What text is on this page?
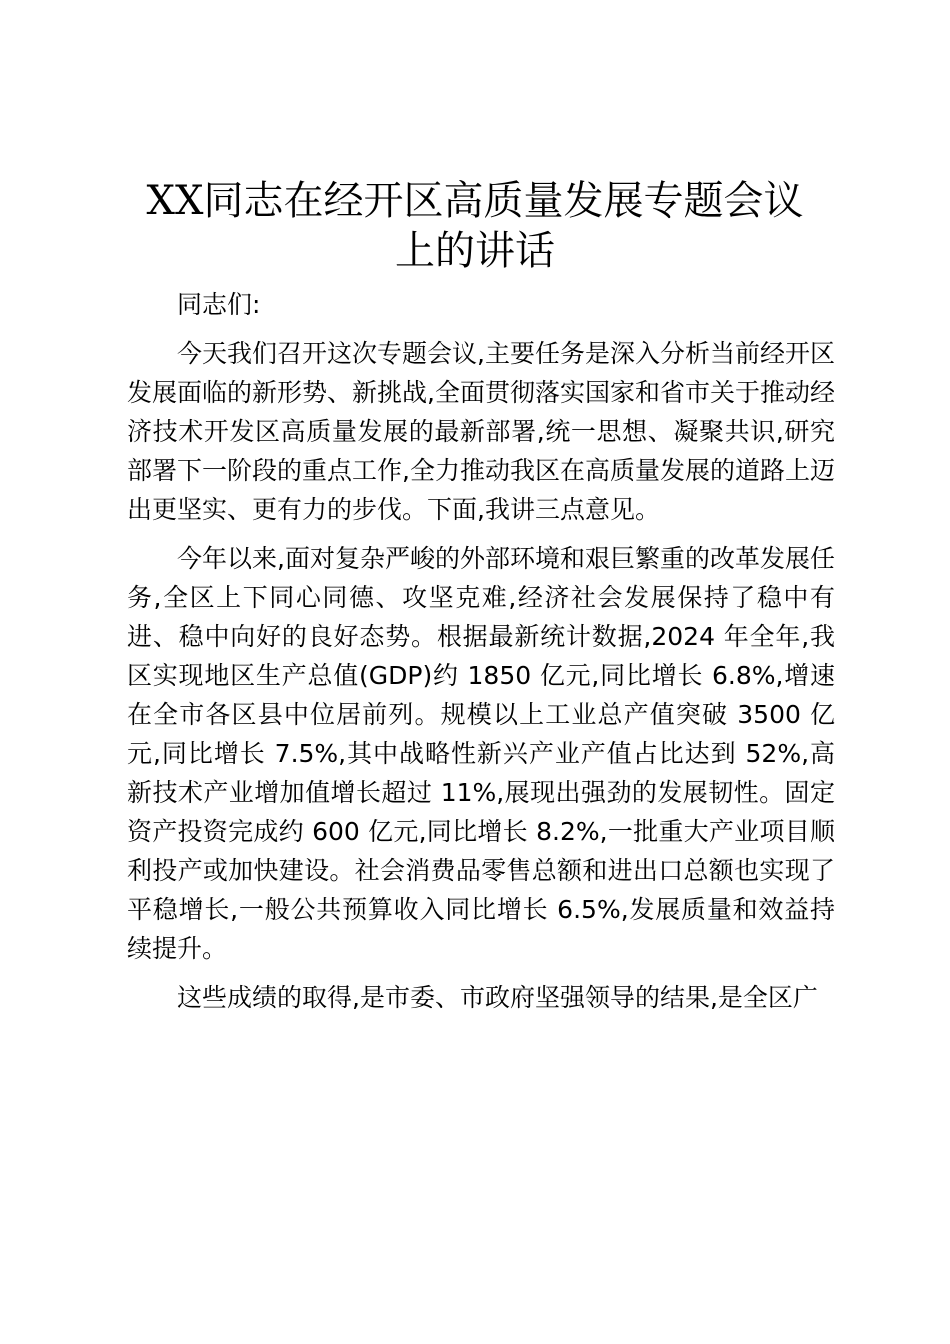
XX同志在经开区高质量发展专题会议
上的讲话

同志们:

今天我们召开这次专题会议,主要任务是深入分析当前经开区发展面临的新形势、新挑战,全面贯彻落实国家和省市关于推动经济技术开发区高质量发展的最新部署,统一思想、凝聚共识,研究部署下一阶段的重点工作,全力推动我区在高质量发展的道路上迈出更坚实、更有力的步伐。下面,我讲三点意见。

今年以来,面对复杂严峻的外部环境和艰巨繁重的改革发展任务,全区上下同心同德、攻坚克难,经济社会发展保持了稳中有进、稳中向好的良好态势。根据最新统计数据,2024 年全年,我区实现地区生产总值(GDP)约 1850 亿元,同比增长 6.8%,增速在全市各区县中位居前列。规模以上工业总产值突破 3500 亿元,同比增长 7.5%,其中战略性新兴产业产值占比达到 52%,高新技术产业增加值增长超过 11%,展现出强劲的发展韧性。固定资产投资完成约 600 亿元,同比增长 8.2%,一批重大产业项目顺利投产或加快建设。社会消费品零售总额和进出口总额也实现了平稳增长,一般公共预算收入同比增长 6.5%,发展质量和效益持续提升。

这些成绩的取得,是市委、市政府坚强领导的结果,是全区广
